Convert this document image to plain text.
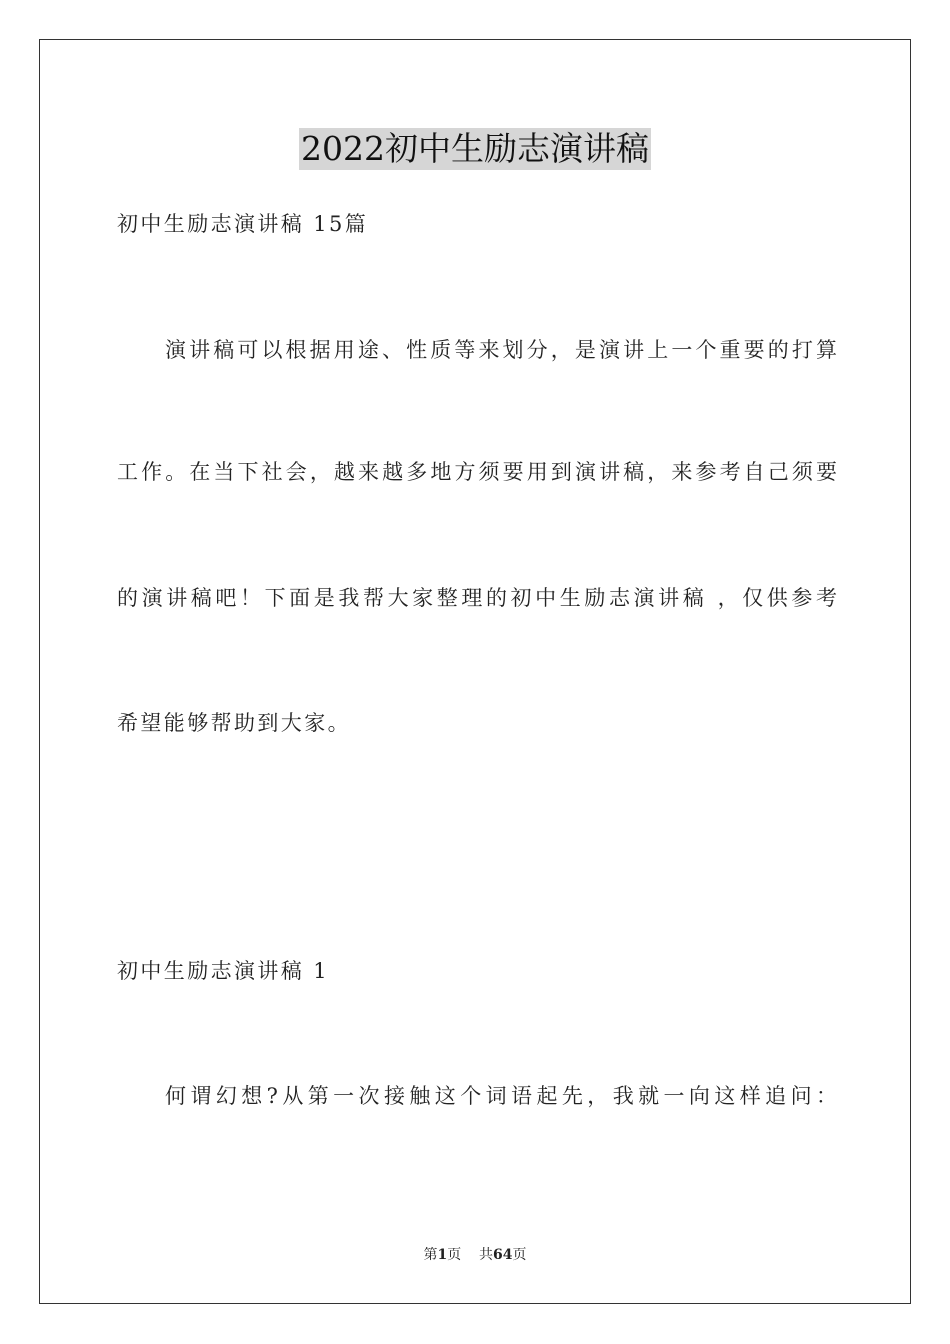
2022初中生励志演讲稿
初中生励志演讲稿 15篇
演讲稿可以根据用途、性质等来划分，是演讲上一个重要的打算
工作。在当下社会，越来越多地方须要用到演讲稿，来参考自己须要
的演讲稿吧！下面是我帮大家整理的初中生励志演讲稿 ，仅供参考
希望能够帮助到大家。
初中生励志演讲稿 1
何谓幻想?从第一次接触这个词语起先，我就一向这样追问：
第1页 共64页
